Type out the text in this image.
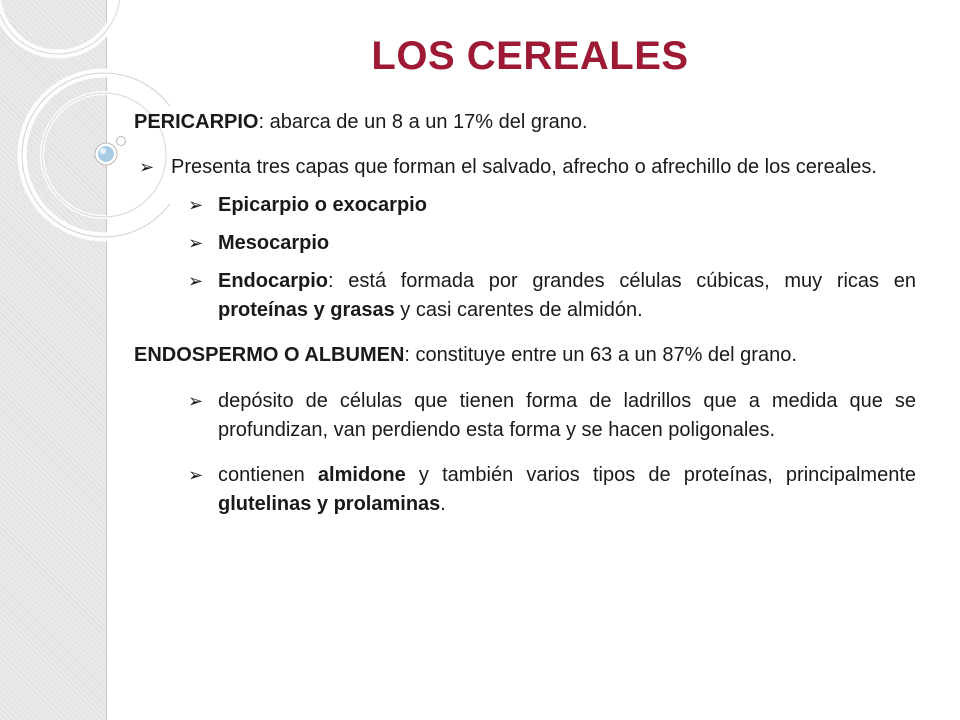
LOS CEREALES
PERICARPIO: abarca de un 8 a un 17% del grano.
➢ Presenta tres capas que forman el salvado, afrecho o afrechillo de los cereales.
➢ Epicarpio o exocarpio
➢ Mesocarpio
➢ Endocarpio: está formada por grandes células cúbicas, muy ricas en proteínas y grasas y casi carentes de almidón.
ENDOSPERMO O ALBUMEN: constituye entre un 63 a un 87% del grano.
➢ depósito de células que tienen forma de ladrillos que a medida que se profundizan, van perdiendo esta forma y se hacen poligonales.
➢ contienen almidone y también varios tipos de proteínas, principalmente glutelinas y prolaminas.
